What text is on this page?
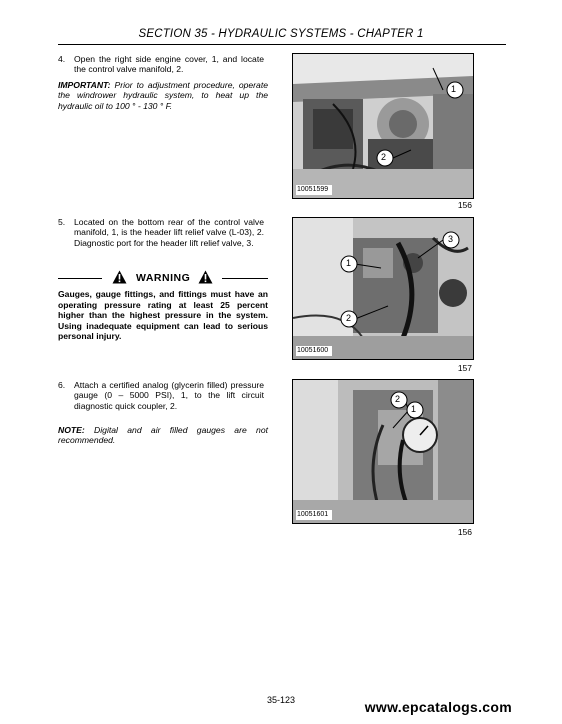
SECTION 35 - HYDRAULIC SYSTEMS - CHAPTER 1
4. Open the right side engine cover, 1, and locate the control valve manifold, 2.
IMPORTANT: Prior to adjustment procedure, operate the windrower hydraulic system, to heat up the hydraulic oil to 100 ° - 130 ° F.
10051599
1
2
156
5. Located on the bottom rear of the control valve manifold, 1, is the header lift relief valve (L-03), 2. Diagnostic port for the header lift relief valve, 3.
WARNING
Gauges, gauge fittings, and fittings must have an operating pressure rating at least 25 percent higher than the highest pressure in the system. Using inadequate equipment can lead to serious personal injury.
10051600
1
2
3
157
6. Attach a certified analog (glycerin filled) pressure gauge (0 – 5000 PSI), 1, to the lift circuit diagnostic quick coupler, 2.
NOTE: Digital and air filled gauges are not recommended.
10051601
1
2
156
35-123	www.epcatalogs.com
